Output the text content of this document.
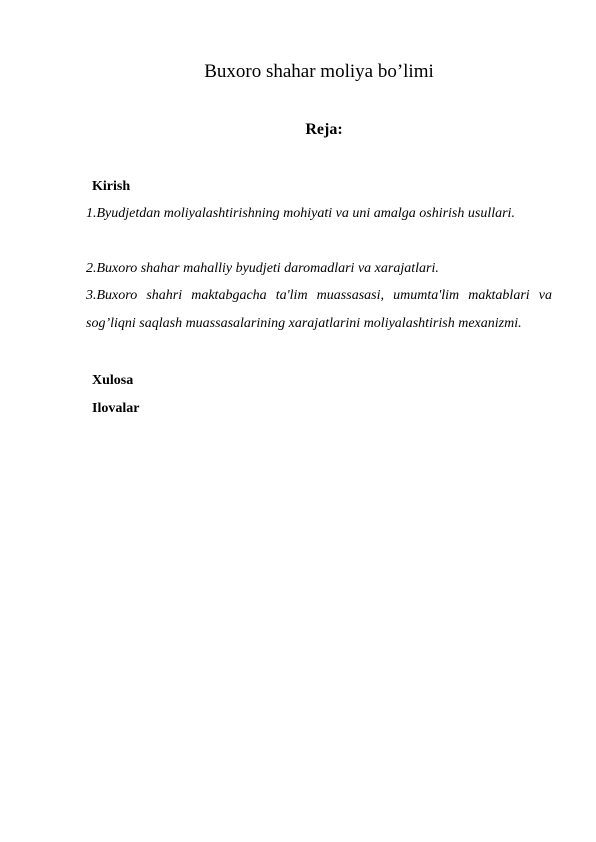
Buxoro shahar moliya bo’limi
Reja:
Kirish
1.Byudjetdan moliyalashtirishning mohiyati va uni amalga oshirish usullari.
2.Buxoro shahar mahalliy byudjeti daromadlari va xarajatlari.
3.Buxoro shahri maktabgacha ta'lim muassasasi, umumta'lim maktablari va sog’liqni saqlash muassasalarining xarajatlarini moliyalashtirish mexanizmi.
Xulosa
Ilovalar
